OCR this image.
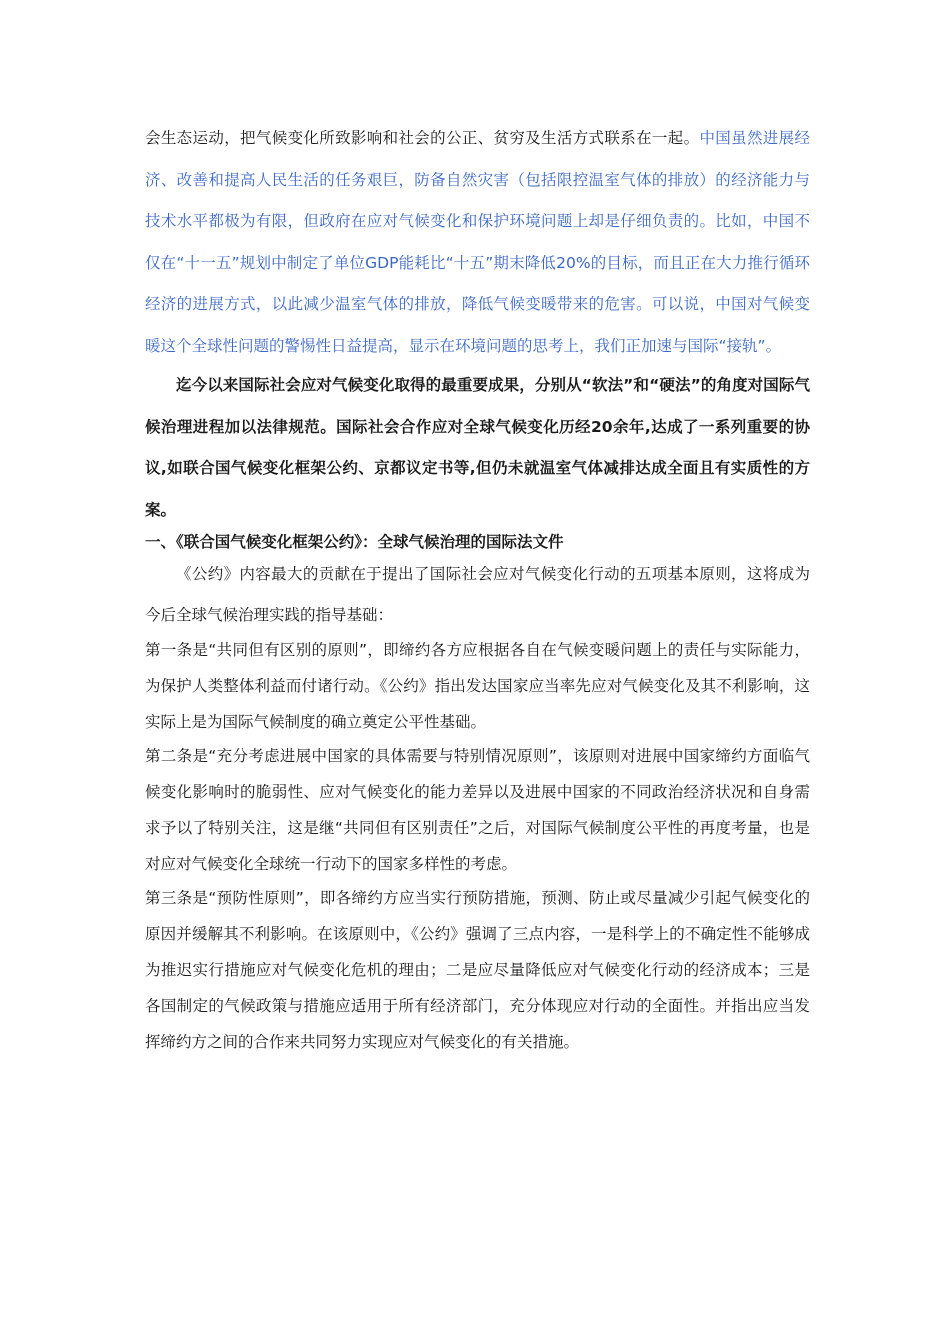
会生态运动，把气候变化所致影响和社会的公正、贫穷及生活方式联系在一起。中国虽然进展经济、改善和提高人民生活的任务艰巨，防备自然灾害（包括限控温室气体的排放）的经济能力与技术水平都极为有限，但政府在应对气候变化和保护环境问题上却是仔细负责的。比如，中国不仅在“十一五”规划中制定了单位GDP能耗比“十五”期末降低20%的目标，而且正在大力推行循环经济的进展方式，以此减少温室气体的排放，降低气候变暖带来的危害。可以说，中国对气候变暖这个全球性问题的警惕性日益提高，显示在环境问题的思考上，我们正加速与国际“接轨”。

迄今以来国际社会应对气候变化取得的最重要成果，分别从“软法”和“硬法”的角度对国际气候治理进程加以法律规范。国际社会合作应对全球气候变化历经20余年,达成了一系列重要的协议,如联合国气候变化框架公约、京都议定书等,但仍未就温室气体减排达成全面且有实质性的方案。

一、《联合国气候变化框架公约》：全球气候治理的国际法文件

《公约》内容最大的贡献在于提出了国际社会应对气候变化行动的五项基本原则，这将成为今后全球气候治理实践的指导基础：

第一条是“共同但有区别的原则”，即缔约各方应根据各自在气候变暖问题上的责任与实际能力，为保护人类整体利益而付诸行动。《公约》指出发达国家应当率先应对气候变化及其不利影响，这实际上是为国际气候制度的确立奠定公平性基础。

第二条是“充分考虑进展中国家的具体需要与特别情况原则”，该原则对进展中国家缔约方面临气候变化影响时的脆弱性、应对气候变化的能力差异以及进展中国家的不同政治经济状况和自身需求予以了特别关注，这是继“共同但有区别责任”之后，对国际气候制度公平性的再度考量，也是对应对气候变化全球统一行动下的国家多样性的考虑。

第三条是“预防性原则”，即各缔约方应当实行预防措施，预测、防止或尽量减少引起气候变化的原因并缓解其不利影响。在该原则中，《公约》强调了三点内容，一是科学上的不确定性不能够成为推迟实行措施应对气候变化危机的理由；二是应尽量降低应对气候变化行动的经济成本；三是各国制定的气候政策与措施应适用于所有经济部门，充分体现应对行动的全面性。并指出应当发挥缔约方之间的合作来共同努力实现应对气候变化的有关措施。
